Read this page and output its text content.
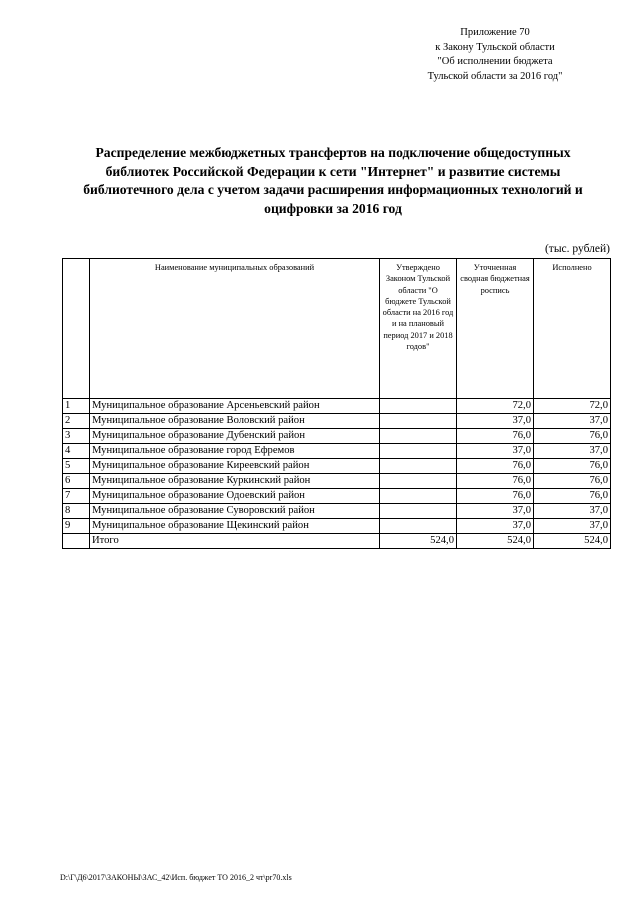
Приложение 70
к Закону Тульской области
"Об исполнении бюджета
Тульской области за 2016 год"
Распределение межбюджетных трансфертов на подключение общедоступных библиотек Российской Федерации к сети "Интернет" и развитие системы библиотечного дела с учетом задачи расширения информационных технологий и оцифровки за 2016 год
(тыс. рублей)
	Наименование муниципальных образований	Утверждено Законом Тульской области "О бюджете Тульской области на 2016 год и на плановый период 2017 и 2018 годов"	Уточненная сводная бюджетная роспись	Исполнено
1	Муниципальное образование Арсеньевский район		72,0	72,0
2	Муниципальное образование Воловский район		37,0	37,0
3	Муниципальное образование Дубенский район		76,0	76,0
4	Муниципальное образование город Ефремов		37,0	37,0
5	Муниципальное образование Киреевский район		76,0	76,0
6	Муниципальное образование Куркинский район		76,0	76,0
7	Муниципальное образование Одоевский район		76,0	76,0
8	Муниципальное образование Суворовский район		37,0	37,0
9	Муниципальное образование Щекинский район		37,0	37,0
	Итого	524,0	524,0	524,0
D:\Г\Д6\2017\ЗАКОНЫ\ЗАС_42\Исп. бюджет ТО 2016_2 чт\pr70.xls
